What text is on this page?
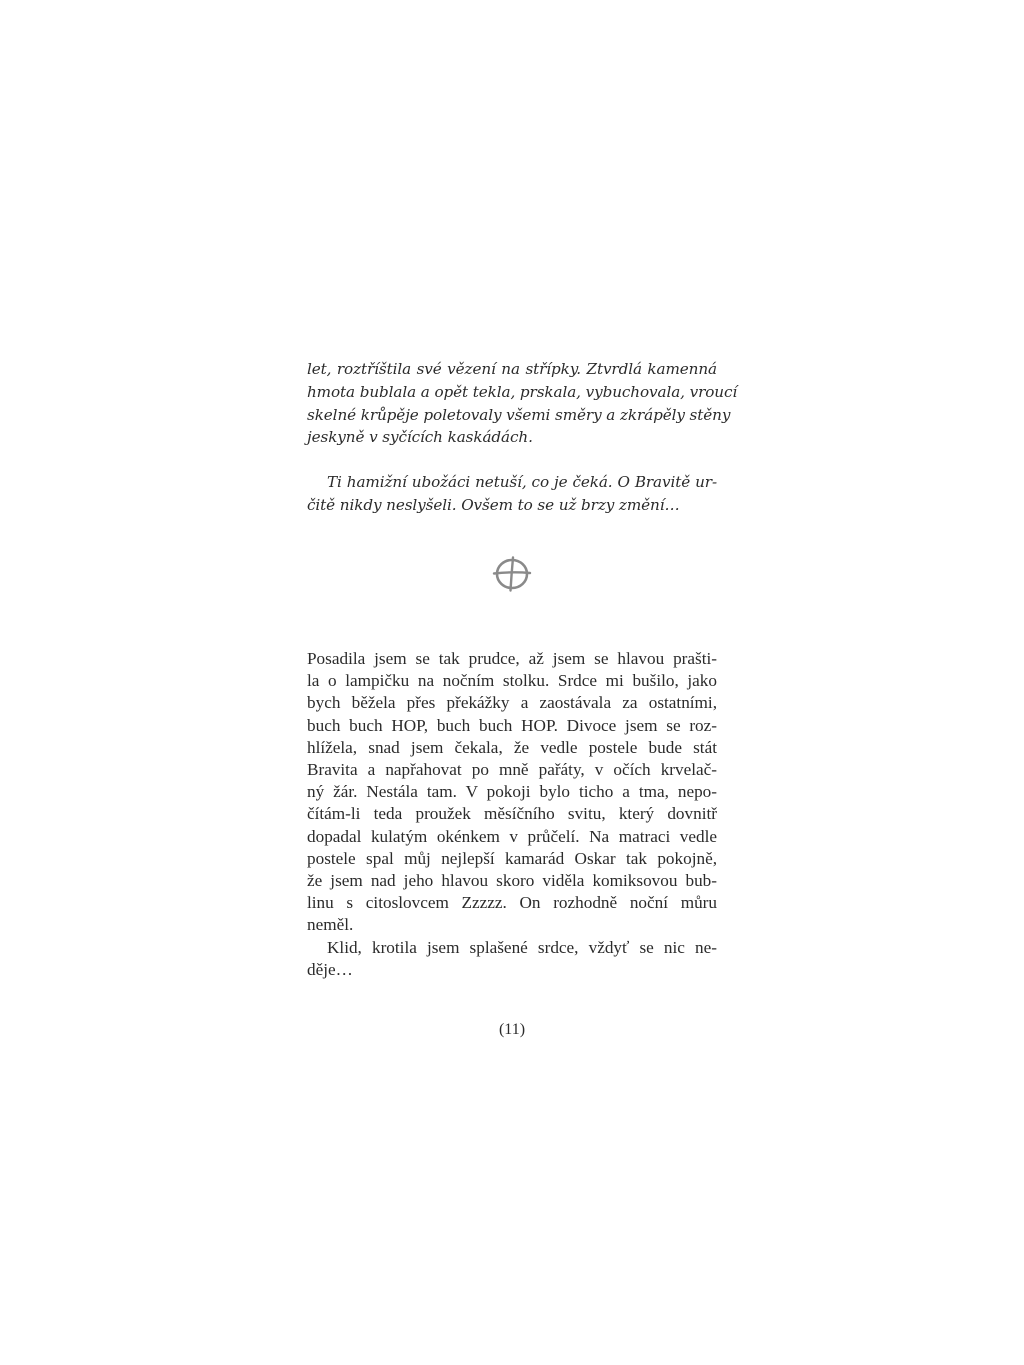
let, roztříštila své vězení na střípky. Ztvrdlá kamenná
hmota bublala a opět tekla, prskala, vybuchovala, vroucí
skelné krůpěje poletovaly všemi směry a zkrápěly stěny
jeskyně v syčících kaskádách.
Ti hamižní ubožáci netuší, co je čeká. O Bravitě ur-
čitě nikdy neslyšeli. Ovšem to se už brzy změní…
Posadila jsem se tak prudce, až jsem se hlavou prašti-
la o lampičku na nočním stolku. Srdce mi bušilo, jako
bych běžela přes překážky a zaostávala za ostatními,
buch buch HOP, buch buch HOP. Divoce jsem se roz-
hlížela, snad jsem čekala, že vedle postele bude stát
Bravita a napřahovat po mně pařáty, v očích krvelač-
ný žár. Nestála tam. V pokoji bylo ticho a tma, nepo-
čítám-li teda proužek měsíčního svitu, který dovnitř
dopadal kulatým okénkem v průčelí. Na matraci vedle
postele spal můj nejlepší kamarád Oskar tak pokojně,
že jsem nad jeho hlavou skoro viděla komiksovou bub-
linu s citoslovcem Zzzzz. On rozhodně noční můru
neměl.
Klid, krotila jsem splašené srdce, vždyť se nic ne-
děje…
(11)
